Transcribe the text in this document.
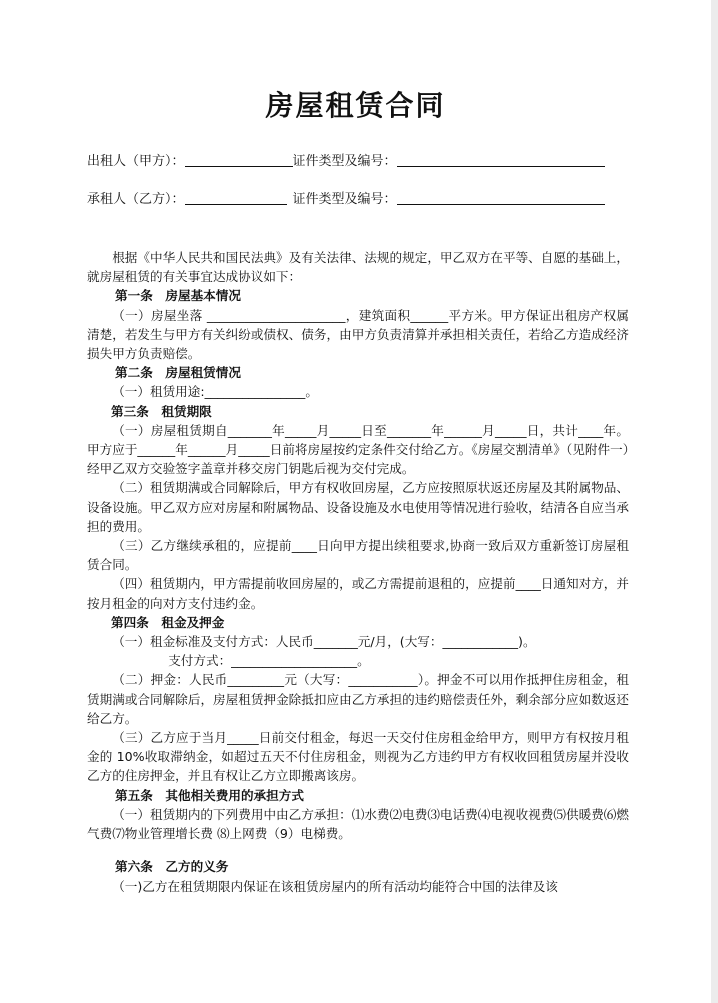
房屋租赁合同
出租人（甲方）：	证件类型及编号：
承租人（乙方）：	证件类型及编号：
根据《中华人民共和国民法典》及有关法律、法规的规定，甲乙双方在平等、自愿的基础上，就房屋租赁的有关事宜达成协议如下：
第一条　房屋基本情况
（一）房屋坐落 ______________________，建筑面积______平方米。甲方保证出租房产权属清楚，若发生与甲方有关纠纷或债权、债务，由甲方负责清算并承担相关责任，若给乙方造成经济损失甲方负责赔偿。
第二条　房屋租赁情况
（一）租赁用途:________________。
第三条　租赁期限
（一）房屋租赁期自_______年_____月_____日至_______年______月_____日，共计____年。甲方应于______年______月_____日前将房屋按约定条件交付给乙方。《房屋交割清单》（见附件一）经甲乙双方交验签字盖章并移交房门钥匙后视为交付完成。
（二）租赁期满或合同解除后，甲方有权收回房屋，乙方应按照原状返还房屋及其附属物品、设备设施。甲乙双方应对房屋和附属物品、设备设施及水电使用等情况进行验收，结清各自应当承担的费用。
（三）乙方继续承租的，应提前____日向甲方提出续租要求,协商一致后双方重新签订房屋租赁合同。
（四）租赁期内，甲方需提前收回房屋的，或乙方需提前退租的，应提前____日通知对方，并按月租金的向对方支付违约金。
第四条　租金及押金
（一）租金标准及支付方式：人民币_______元/月，(大写：____________)。
支付方式：____________________。
（二）押金：人民币_________元（大写：___________）。押金不可以用作抵押住房租金，租赁期满或合同解除后，房屋租赁押金除抵扣应由乙方承担的违约赔偿责任外，剩余部分应如数返还给乙方。
（三）乙方应于当月_____日前交付租金，每迟一天交付住房租金给甲方，则甲方有权按月租金的 10%收取滞纳金，如超过五天不付住房租金，则视为乙方违约甲方有权收回租赁房屋并没收乙方的住房押金，并且有权让乙方立即搬离该房。
第五条　其他相关费用的承担方式
（一）租赁期内的下列费用中由乙方承担：⑴水费⑵电费⑶电话费⑷电视收视费⑸供暖费⑹燃气费⑺物业管理增长费 ⑻上网费（9）电梯费。
第六条　乙方的义务
（一)乙方在租赁期限内保证在该租赁房屋内的所有活动均能符合中国的法律及该
